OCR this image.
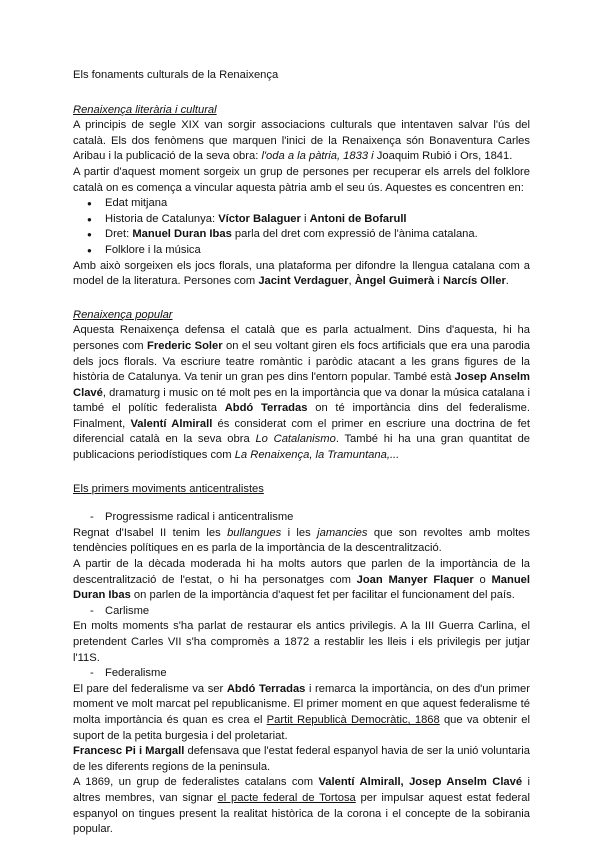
Els fonaments culturals de la Renaixença

Renaixença literària i cultural

A principis de segle XIX van sorgir associacions culturals que intentaven salvar l'ús del català. Els dos fenòmens que marquen l'inici de la Renaixença són Bonaventura Carles Aribau i la publicació de la seva obra: l'oda a la pàtria, 1833 i Joaquim Rubió i Ors, 1841.

A partir d'aquest moment sorgeix un grup de persones per recuperar els arrels del folklore català on es comença a vincular aquesta pàtria amb el seu ús. Aquestes es concentren en:

● Edat mitjana
● Historia de Catalunya: Víctor Balaguer i Antoni de Bofarull
● Dret: Manuel Duran Ibas parla del dret com expressió de l'ànima catalana.
● Folklore i la música

Amb això sorgeixen els jocs florals, una plataforma per difondre la llengua catalana com a model de la literatura. Persones com Jacint Verdaguer, Àngel Guimerà i Narcís Oller.

Renaixença popular

Aquesta Renaixença defensa el català que es parla actualment. Dins d'aquesta, hi ha persones com Frederic Soler on el seu voltant giren els focs artificials que era una parodia dels jocs florals. Va escriure teatre romàntic i paròdic atacant a les grans figures de la història de Catalunya. Va tenir un gran pes dins l'entorn popular. També està Josep Anselm Clavé, dramaturg i music on té molt pes en la importància que va donar la música catalana i també el polític federalista Abdó Terradas on té importància dins del federalisme. Finalment, Valentí Almirall és considerat com el primer en escriure una doctrina de fet diferencial català en la seva obra Lo Catalanismo. També hi ha una gran quantitat de publicacions periodístiques com La Renaixença, la Tramuntana,...

Els primers moviments anticentralistes

- Progressisme radical i anticentralisme

Regnat d'Isabel II tenim les bullangues i les jamancies que son revoltes amb moltes tendències polítiques en es parla de la importància de la descentralització.

A partir de la dècada moderada hi ha molts autors que parlen de la importància de la descentralització de l'estat, o hi ha personatges com Joan Manyer Flaquer o Manuel Duran Ibas on parlen de la importància d'aquest fet per facilitar el funcionament del país.

- Carlisme

En molts moments s'ha parlat de restaurar els antics privilegis. A la III Guerra Carlina, el pretendent Carles VII s'ha compromès a 1872 a restablir les lleis i els privilegis per jutjar l'11S.

- Federalisme

El pare del federalisme va ser Abdó Terradas i remarca la importància, on des d'un primer moment ve molt marcat pel republicanisme. El primer moment en que aquest federalisme té molta importància és quan es crea el Partit Republicà Democràtic, 1868 que va obtenir el suport de la petita burgesia i del proletariat.

Francesc Pi i Margall defensava que l'estat federal espanyol havia de ser la unió voluntaria de les diferents regions de la peninsula.

A 1869, un grup de federalistes catalans com Valentí Almirall, Josep Anselm Clavé i altres membres, van signar el pacte federal de Tortosa per impulsar aquest estat federal espanyol on tingues present la realitat històrica de la corona i el concepte de la sobirania popular.
